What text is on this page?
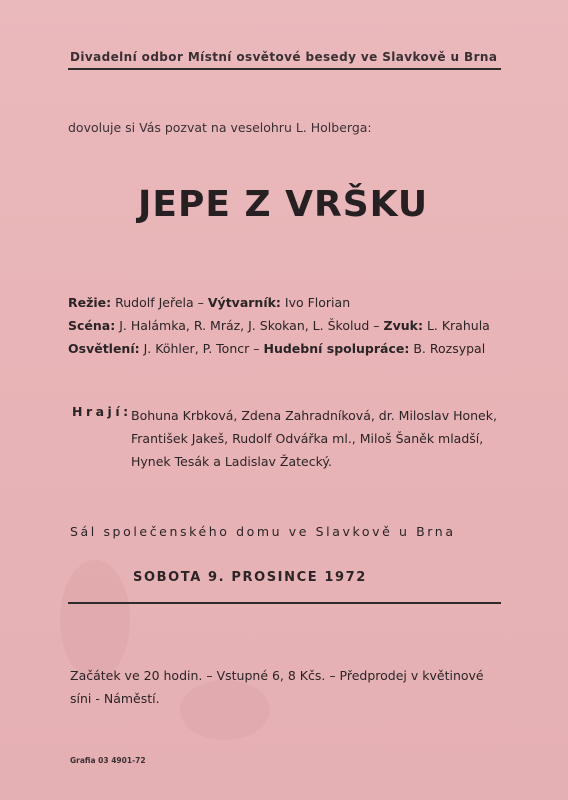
Divadelní odbor Místní osvětové besedy ve Slavkově u Brna
dovoluje si Vás pozvat na veselohru L. Holberga:
JEPE Z VRŠKU
Režie: Rudolf Jeřela – Výtvarník: Ivo Florian
Scéna: J. Halámka, R. Mráz, J. Skokan, L. Školud – Zvuk: L. Krahula
Osvětlení: J. Köhler, P. Toncr – Hudební spolupráce: B. Rozsypal
Hrají: Bohuna Krbková, Zdena Zahradníková, dr. Miloslav Honek,
František Jakeš, Rudolf Odvářka ml., Miloš Šaněk mladší,
Hynek Tesák a Ladislav Žatecký.
Sál společenského domu ve Slavkově u Brna
SOBOTA 9. PROSINCE 1972
Začátek ve 20 hodin. – Vstupné 6, 8 Kčs. – Předprodej v květinové
síni - Náměstí.
Grafia 03 4901-72
